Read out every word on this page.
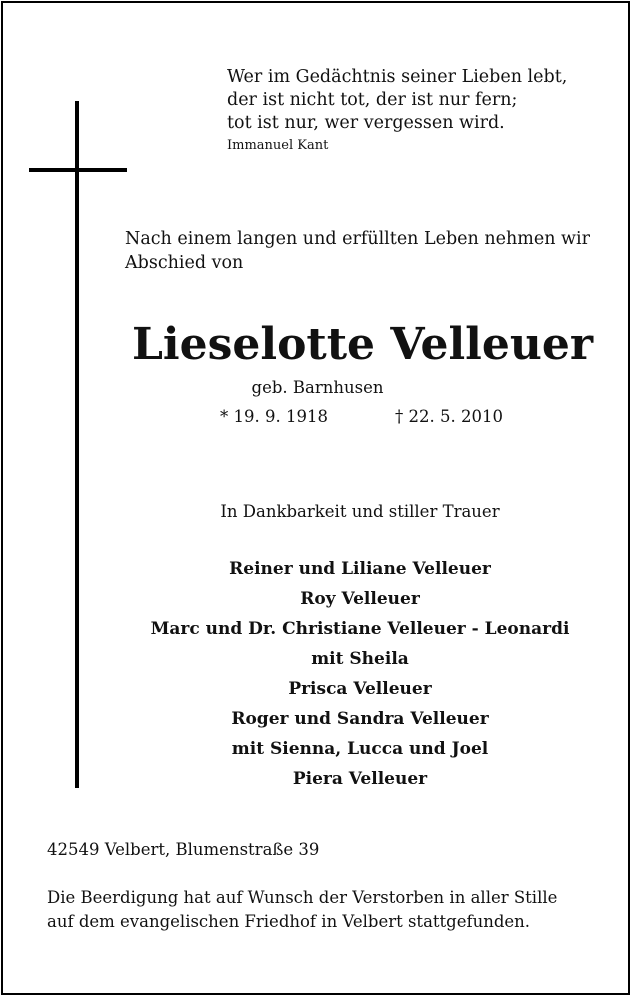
Wer im Gedächtnis seiner Lieben lebt,
der ist nicht tot, der ist nur fern;
tot ist nur, wer vergessen wird.
Immanuel Kant
Nach einem langen und erfüllten Leben nehmen wir
Abschied von
Lieselotte Velleuer
geb. Barnhusen
* 19. 9. 1918	† 22. 5. 2010
In Dankbarkeit und stiller Trauer
Reiner und Liliane Velleuer
Roy Velleuer
Marc und Dr. Christiane Velleuer - Leonardi
mit Sheila
Prisca Velleuer
Roger und Sandra Velleuer
mit Sienna, Lucca und Joel
Piera Velleuer
42549 Velbert, Blumenstraße 39
Die Beerdigung hat auf Wunsch der Verstorben in aller Stille
auf dem evangelischen Friedhof in Velbert stattgefunden.
